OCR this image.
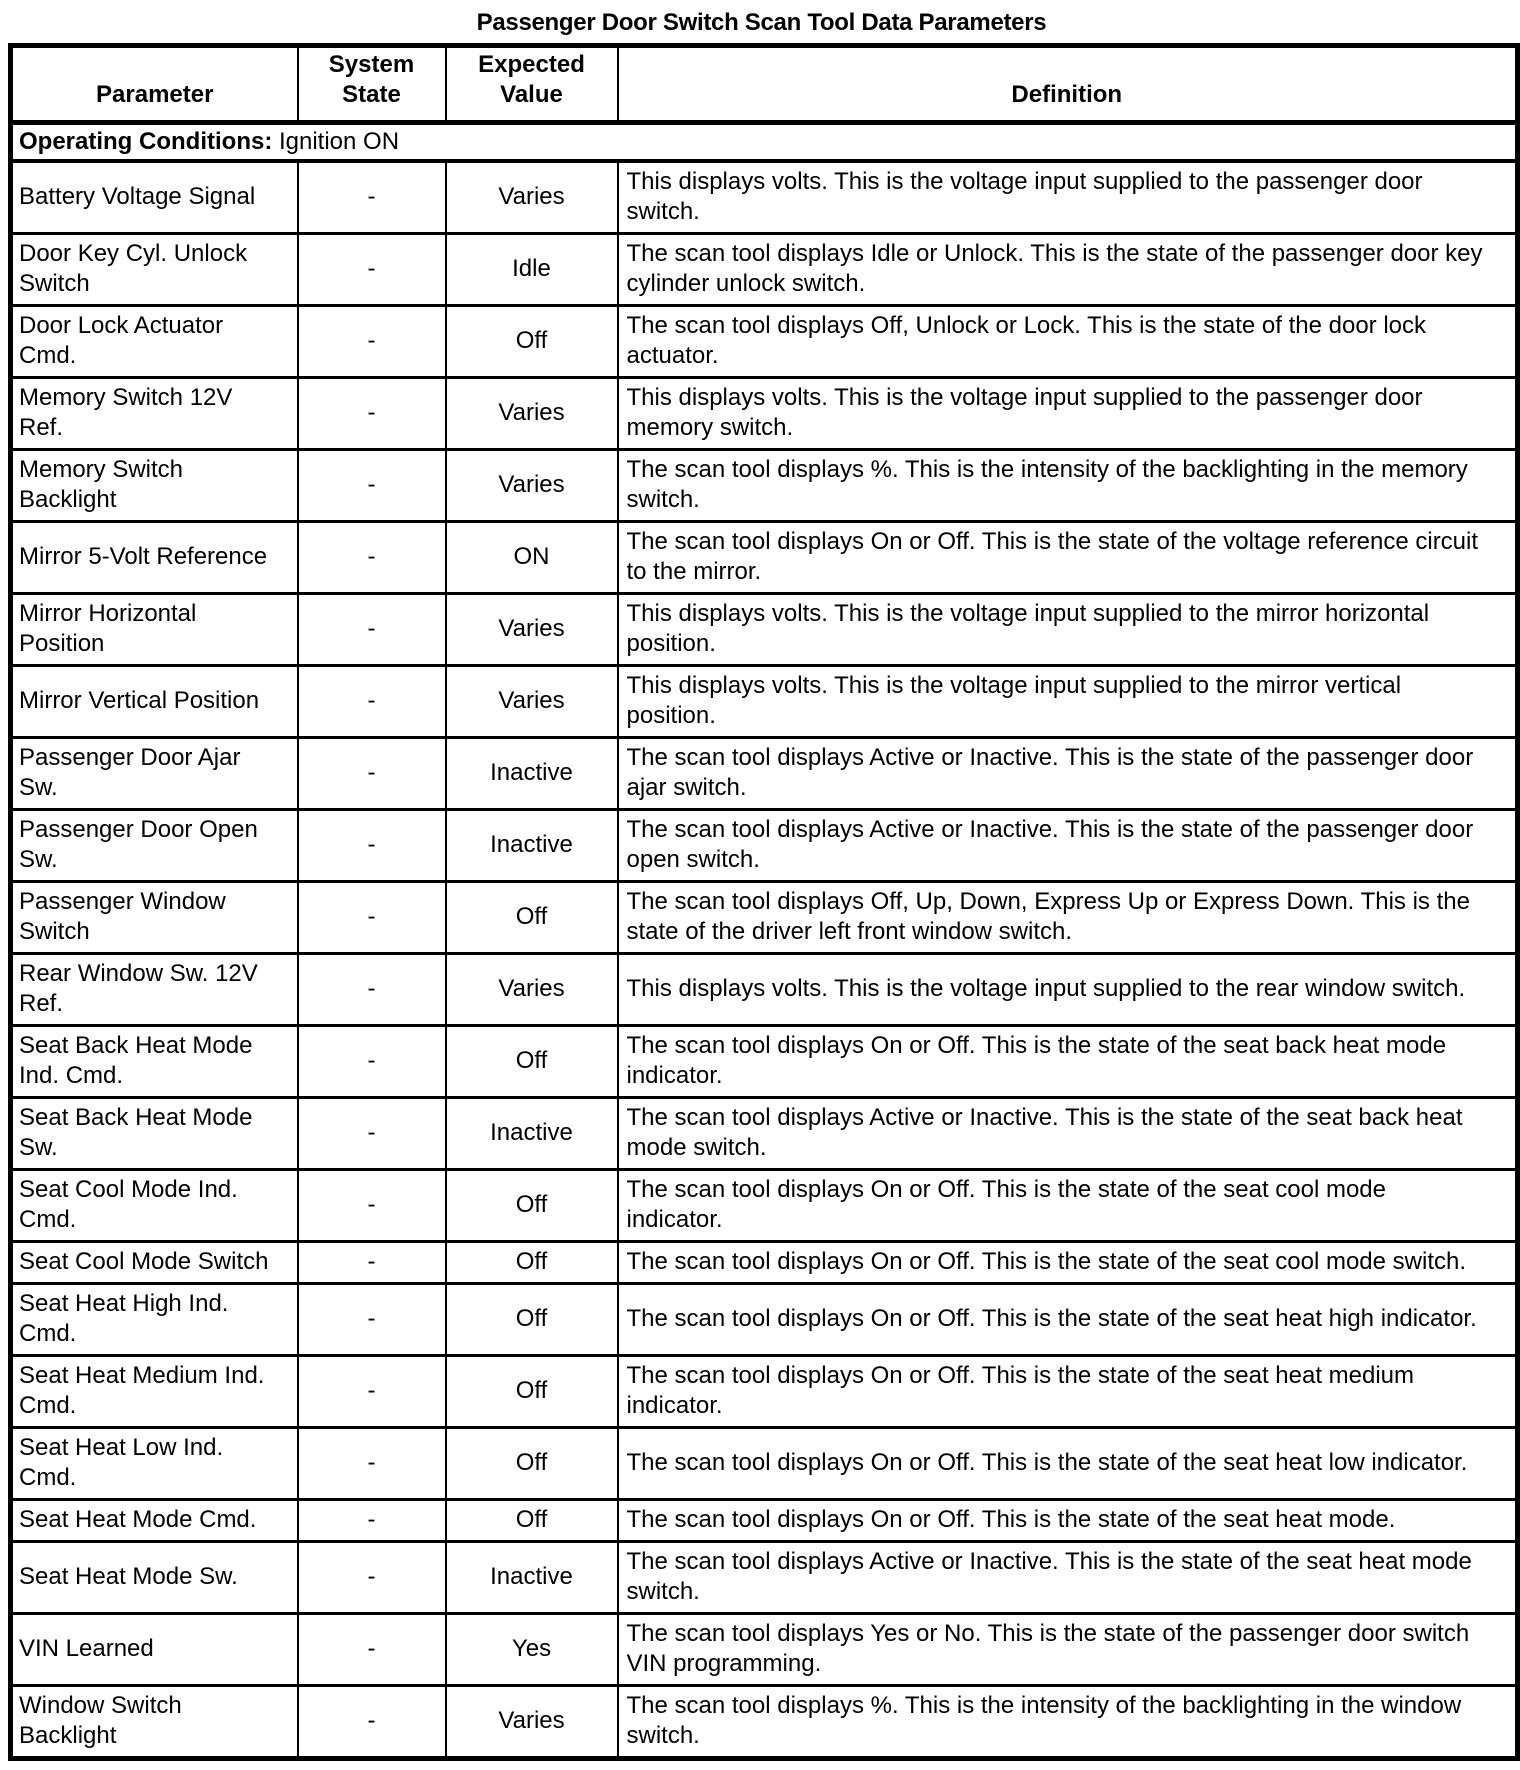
Passenger Door Switch Scan Tool Data Parameters
Parameter	System State	Expected Value	Definition
Operating Conditions: Ignition ON			
Battery Voltage Signal	-	Varies	This displays volts. This is the voltage input supplied to the passenger door switch.
Door Key Cyl. Unlock Switch	-	Idle	The scan tool displays Idle or Unlock. This is the state of the passenger door key cylinder unlock switch.
Door Lock Actuator Cmd.	-	Off	The scan tool displays Off, Unlock or Lock. This is the state of the door lock actuator.
Memory Switch 12V Ref.	-	Varies	This displays volts. This is the voltage input supplied to the passenger door memory switch.
Memory Switch Backlight	-	Varies	The scan tool displays %. This is the intensity of the backlighting in the memory switch.
Mirror 5-Volt Reference	-	ON	The scan tool displays On or Off. This is the state of the voltage reference circuit to the mirror.
Mirror Horizontal Position	-	Varies	This displays volts. This is the voltage input supplied to the mirror horizontal position.
Mirror Vertical Position	-	Varies	This displays volts. This is the voltage input supplied to the mirror vertical position.
Passenger Door Ajar Sw.	-	Inactive	The scan tool displays Active or Inactive. This is the state of the passenger door ajar switch.
Passenger Door Open Sw.	-	Inactive	The scan tool displays Active or Inactive. This is the state of the passenger door open switch.
Passenger Window Switch	-	Off	The scan tool displays Off, Up, Down, Express Up or Express Down. This is the state of the driver left front window switch.
Rear Window Sw. 12V Ref.	-	Varies	This displays volts. This is the voltage input supplied to the rear window switch.
Seat Back Heat Mode Ind. Cmd.	-	Off	The scan tool displays On or Off. This is the state of the seat back heat mode indicator.
Seat Back Heat Mode Sw.	-	Inactive	The scan tool displays Active or Inactive. This is the state of the seat back heat mode switch.
Seat Cool Mode Ind. Cmd.	-	Off	The scan tool displays On or Off. This is the state of the seat cool mode indicator.
Seat Cool Mode Switch	-	Off	The scan tool displays On or Off. This is the state of the seat cool mode switch.
Seat Heat High Ind. Cmd.	-	Off	The scan tool displays On or Off. This is the state of the seat heat high indicator.
Seat Heat Medium Ind. Cmd.	-	Off	The scan tool displays On or Off. This is the state of the seat heat medium indicator.
Seat Heat Low Ind. Cmd.	-	Off	The scan tool displays On or Off. This is the state of the seat heat low indicator.
Seat Heat Mode Cmd.	-	Off	The scan tool displays On or Off. This is the state of the seat heat mode.
Seat Heat Mode Sw.	-	Inactive	The scan tool displays Active or Inactive. This is the state of the seat heat mode switch.
VIN Learned	-	Yes	The scan tool displays Yes or No. This is the state of the passenger door switch VIN programming.
Window Switch Backlight	-	Varies	The scan tool displays %. This is the intensity of the backlighting in the window switch.
